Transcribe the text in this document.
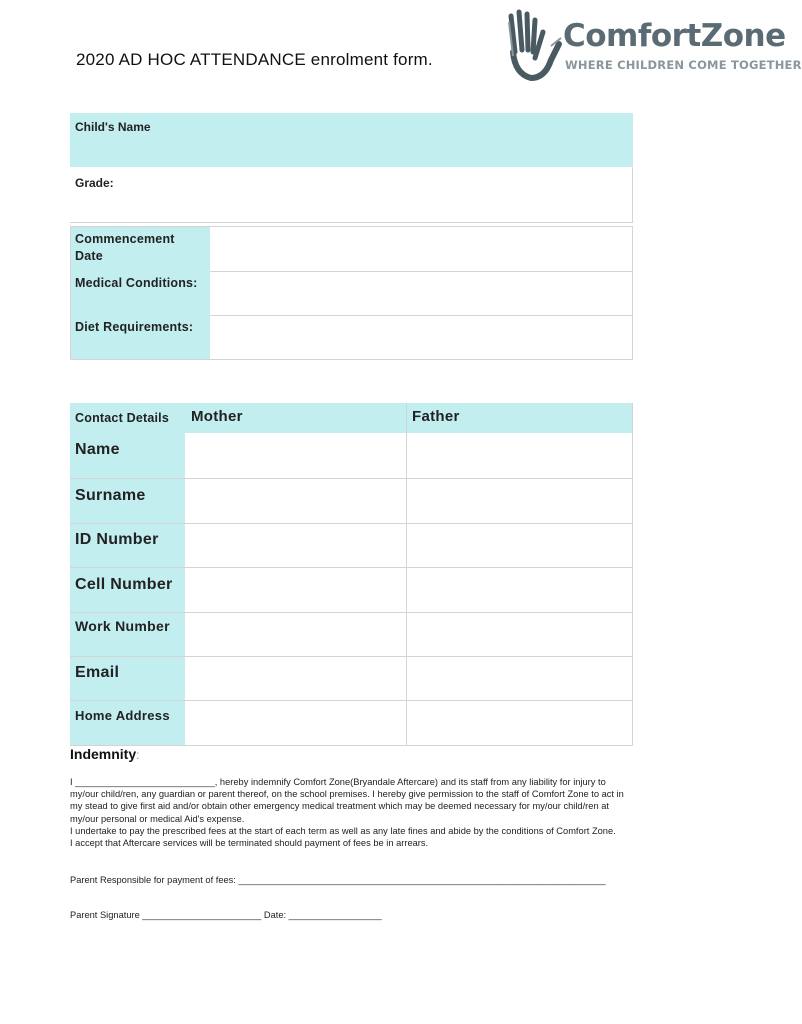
2020 AD HOC ATTENDANCE enrolment form.
ComfortZone
WHERE CHILDREN COME TOGETHER
Child's Name
Grade:
Commencement Date
Medical Conditions:
Diet Requirements:
Contact Details Mother	Father
Name
Surname
ID Number
Cell Number
Work Number
Email
Home Address
Indemnity:

I ___________________________, hereby indemnify Comfort Zone(Bryandale Aftercare) and its staff from any liability for injury to my/our child/ren, any guardian or parent thereof, on the school premises. I hereby give permission to the staff of Comfort Zone to act in my stead to give first aid and/or obtain other emergency medical treatment which may be deemed necessary for my/our child/ren at my/our personal or medical Aid's expense.

I undertake to pay the prescribed fees at the start of each term as well as any late fines and abide by the conditions of Comfort Zone.

I accept that Aftercare services will be terminated should payment of fees be in arrears.

Parent Responsible for payment of fees: _______________________________________________________________________
Parent Signature _______________________ Date: __________________
